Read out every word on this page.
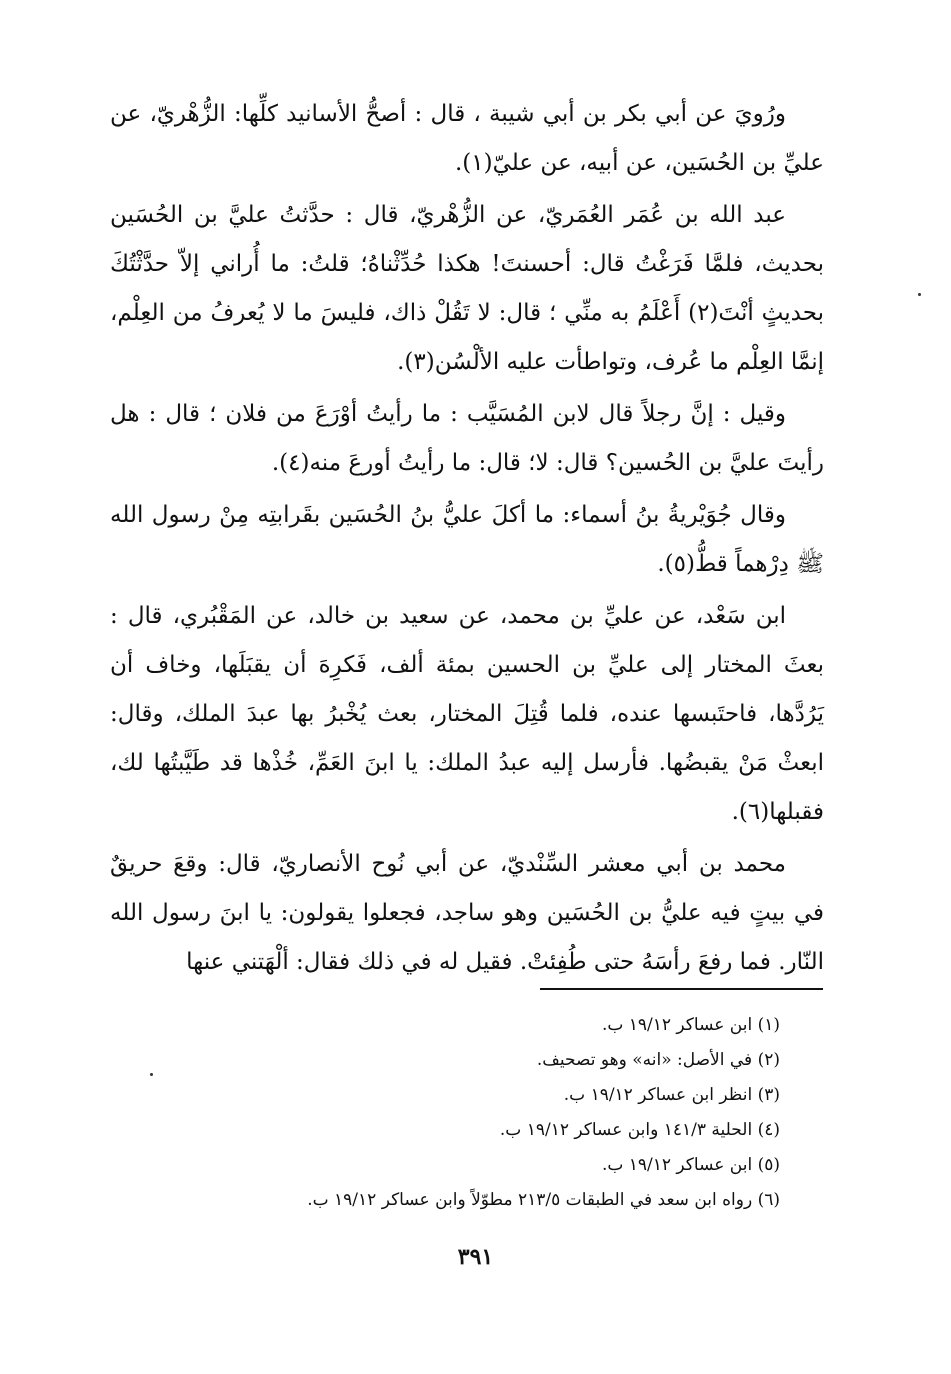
ورُويَ عن أبي بكر بن أبي شيبة ، قال : أصحُّ الأسانيد كلِّها: الزُّهْريّ، عن عليِّ بن الحُسَين، عن أبيه، عن عليّ(١).

عبد الله بن عُمَر العُمَريّ، عن الزُّهْريّ، قال : حدَّثتُ عليَّ بن الحُسَين بحديث، فلمَّا فَرَغْتُ قال: أحسنتَ! هكذا حُدِّثْناهُ؛ قلتُ: ما أُراني إلاّ حدَّثْتُكَ بحديثٍ أنْتَ(٢) أَعْلَمُ به منِّي ؛ قال: لا تَقُلْ ذاك، فليسَ ما لا يُعرفُ من العِلْم، إنمَّا العِلْم ما عُرف، وتواطأت عليه الألْسُن(٣).

وقيل : إنَّ رجلاً قال لابن المُسَيَّب : ما رأيتُ أوْرَعَ من فلان ؛ قال : هل رأيتَ عليَّ بن الحُسين؟ قال: لا؛ قال: ما رأيتُ أورعَ منه(٤).

وقال جُوَيْريةُ بنُ أسماء: ما أكلَ عليُّ بنُ الحُسَين بقَرابتِه مِنْ رسول الله ﷺ دِرْهماً قطُّ(٥).

ابن سَعْد، عن عليِّ بن محمد، عن سعيد بن خالد، عن المَقْبُري، قال : بعثَ المختار إلى عليِّ بن الحسين بمئة ألف، فَكرِهَ أن يقبَلَها، وخاف أن يَرُدَّها، فاحتَبسها عنده، فلما قُتِلَ المختار، بعث يُخْبرُ بها عبدَ الملك، وقال: ابعثْ مَنْ يقبضُها. فأرسل إليه عبدُ الملك: يا ابنَ العَمِّ، خُذْها قد طَيَّبتُها لك، فقبلها(٦).

محمد بن أبي معشر السِّنْديّ، عن أبي نُوح الأنصاريّ، قال: وقعَ حريقٌ في بيتٍ فيه عليُّ بن الحُسَين وهو ساجد، فجعلوا يقولون: يا ابنَ رسول الله النّار. فما رفعَ رأسَهُ حتى طُفِئتْ. فقيل له في ذلك فقال: ألْهَتني عنها

(١) ابن عساكر ١٩/١٢ ب.

(٢) في الأصل: «انه» وهو تصحيف.

(٣) انظر ابن عساكر ١٩/١٢ ب.

(٤) الحلية ١٤١/٣ وابن عساكر ١٩/١٢ ب.

(٥) ابن عساكر ١٩/١٢ ب.

(٦) رواه ابن سعد في الطبقات ٢١٣/٥ مطوّلاً وابن عساكر ١٩/١٢ ب.

٣٩١
